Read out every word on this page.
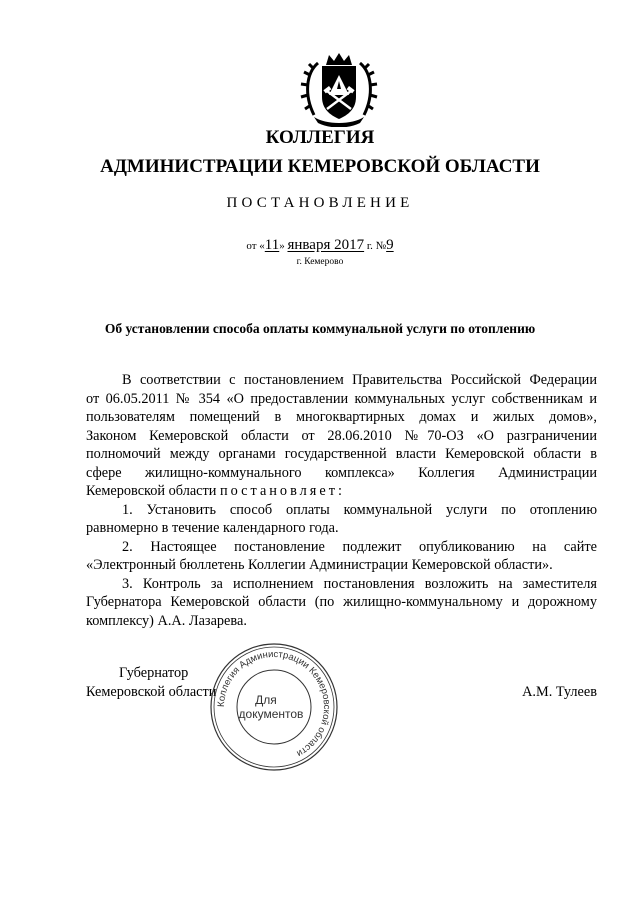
КОЛЛЕГИЯ
АДМИНИСТРАЦИИ КЕМЕРОВСКОЙ ОБЛАСТИ
ПОСТАНОВЛЕНИЕ
от «11» января 2017 г. №9
г. Кемерово
Об установлении способа оплаты коммунальной услуги по отоплению
В соответствии с постановлением Правительства Российской Федерации
от 06.05.2011 № 354 «О предоставлении коммунальных услуг собственникам и
пользователям помещений в многоквартирных домах и жилых домов»,
Законом Кемеровской области от 28.06.2010 №70-ОЗ «О разграничении
полномочий между органами государственной власти Кемеровской области в
сфере жилищно-коммунального комплекса» Коллегия Администрации
Кемеровской области постановляет:
1. Установить способ оплаты коммунальной услуги по отоплению
равномерно в течение календарного года.
2. Настоящее постановление подлежит опубликованию на сайте
«Электронный бюллетень Коллегии Администрации Кемеровской области».
3. Контроль за исполнением постановления возложить на заместителя
Губернатора Кемеровской области (по жилищно-коммунальному и дорожному
комплексу) А.А. Лазарева.
Губернатор
Кемеровской области	А.М. Тулеев
Коллегия Администрации Кемеровской области
Для
документов
